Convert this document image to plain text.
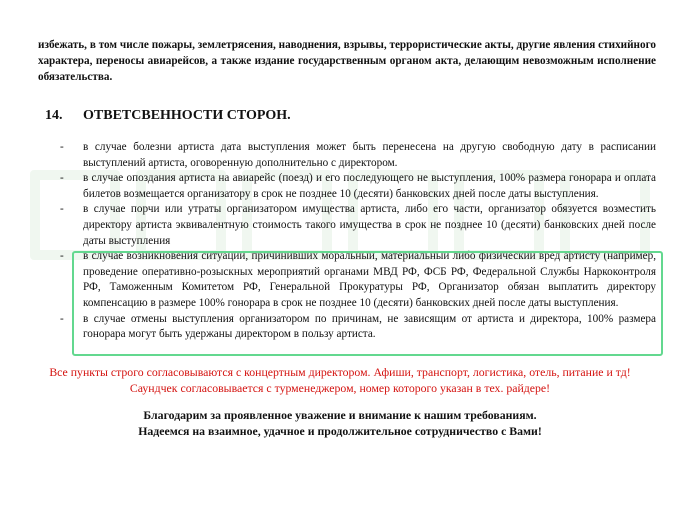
избежать, в том числе пожары, землетрясения, наводнения, взрывы, террористические акты, другие явления стихийного характера, переносы авиарейсов, а также издание государственным органом акта, делающим невозможным исполнение обязательства.

14. ОТВЕТСВЕННОСТИ СТОРОН.
- в случае болезни артиста дата выступления может быть перенесена на другую свободную дату в расписании выступлений артиста, оговоренную дополнительно с директором.
- в случае опоздания артиста на авиарейс (поезд) и его последующего не выступления, 100% размера гонорара и оплата билетов возмещается организатору в срок не позднее 10 (десяти) банковских дней после даты выступления.
- в случае порчи или утраты организатором имущества артиста, либо его части, организатор обязуется возместить директору артиста эквивалентную стоимость такого имущества в срок не позднее 10 (десяти) банковских дней после даты выступления
- в случае возникновения ситуаций, причинивших моральный, материальный либо физический вред артисту (например, проведение оперативно-розыскных мероприятий органами МВД РФ, ФСБ РФ, Федеральной Службы Наркоконтроля РФ, Таможенным Комитетом РФ, Генеральной Прокуратуры РФ, Организатор обязан выплатить директору компенсацию в размере 100% гонорара в срок не позднее 10 (десяти) банковских дней после даты выступления.
- в случае отмены выступления организатором по причинам, не зависящим от артиста и директора, 100% размера гонорара могут быть удержаны директором в пользу артиста.

Все пункты строго согласовываются с концертным директором. Афиши, транспорт, логистика, отель, питание и тд!

Саундчек согласовывается с турменеджером, номер которого указан в тех. райдере!

Благодарим за проявленное уважение и внимание к нашим требованиям.

Надеемся на взаимное, удачное и продолжительное сотрудничество с Вами!
